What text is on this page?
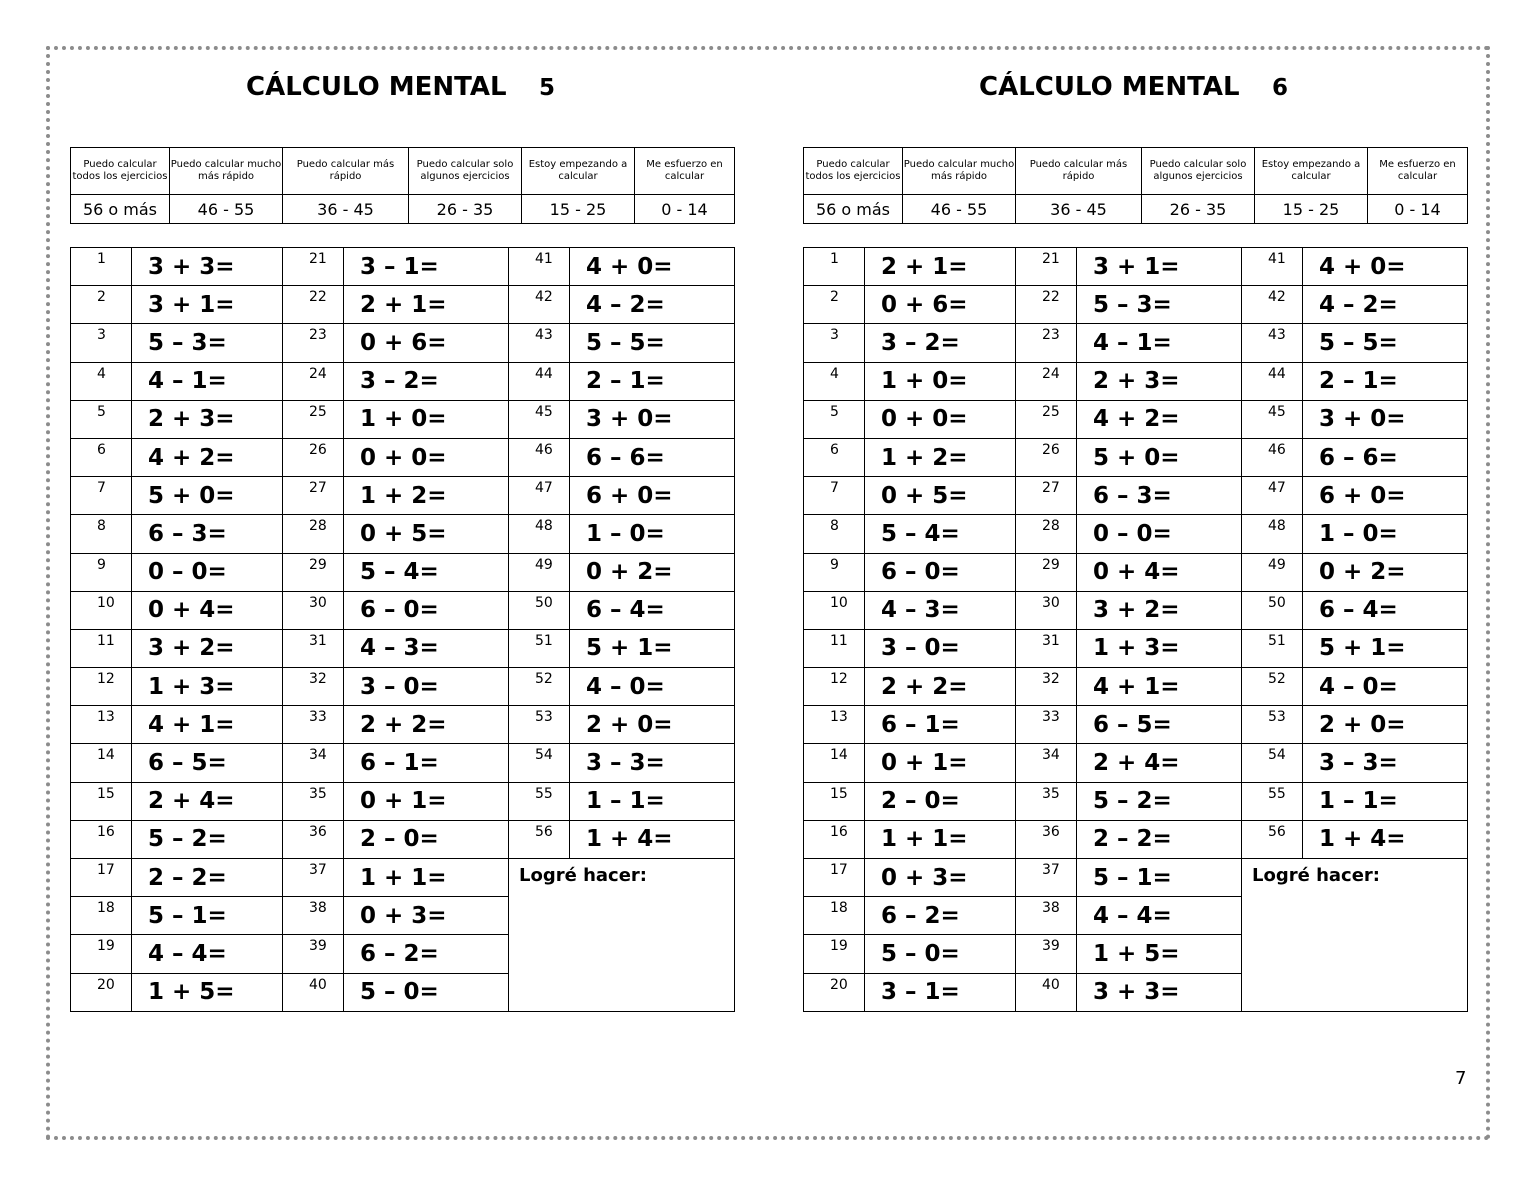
CÁLCULO MENTAL 5
Puedo calcular todos los ejercicios	Puedo calcular mucho más rápido	Puedo calcular más rápido	Puedo calcular solo algunos ejercicios	Estoy empezando a calcular	Me esfuerzo en calcular
56 o más	46 - 55	36 - 45	26 - 35	15 - 25	0 - 14
1	3 + 3=	21	3 – 1=	41	4 + 0=
2	3 + 1=	22	2 + 1=	42	4 – 2=
3	5 – 3=	23	0 + 6=	43	5 – 5=
4	4 – 1=	24	3 – 2=	44	2 – 1=
5	2 + 3=	25	1 + 0=	45	3 + 0=
6	4 + 2=	26	0 + 0=	46	6 – 6=
7	5 + 0=	27	1 + 2=	47	6 + 0=
8	6 – 3=	28	0 + 5=	48	1 – 0=
9	0 – 0=	29	5 – 4=	49	0 + 2=
10	0 + 4=	30	6 – 0=	50	6 – 4=
11	3 + 2=	31	4 – 3=	51	5 + 1=
12	1 + 3=	32	3 – 0=	52	4 – 0=
13	4 + 1=	33	2 + 2=	53	2 + 0=
14	6 – 5=	34	6 – 1=	54	3 – 3=
15	2 + 4=	35	0 + 1=	55	1 – 1=
16	5 – 2=	36	2 – 0=	56	1 + 4=
17	2 – 2=	37	1 + 1=	Logré hacer:	
18	5 – 1=	38	0 + 3=		
19	4 – 4=	39	6 – 2=		
20	1 + 5=	40	5 – 0=		
CÁLCULO MENTAL 6
Puedo calcular todos los ejercicios	Puedo calcular mucho más rápido	Puedo calcular más rápido	Puedo calcular solo algunos ejercicios	Estoy empezando a calcular	Me esfuerzo en calcular
56 o más	46 - 55	36 - 45	26 - 35	15 - 25	0 - 14
1	2 + 1=	21	3 + 1=	41	4 + 0=
2	0 + 6=	22	5 – 3=	42	4 – 2=
3	3 – 2=	23	4 – 1=	43	5 – 5=
4	1 + 0=	24	2 + 3=	44	2 – 1=
5	0 + 0=	25	4 + 2=	45	3 + 0=
6	1 + 2=	26	5 + 0=	46	6 – 6=
7	0 + 5=	27	6 – 3=	47	6 + 0=
8	5 – 4=	28	0 – 0=	48	1 – 0=
9	6 – 0=	29	0 + 4=	49	0 + 2=
10	4 – 3=	30	3 + 2=	50	6 – 4=
11	3 – 0=	31	1 + 3=	51	5 + 1=
12	2 + 2=	32	4 + 1=	52	4 – 0=
13	6 – 1=	33	6 – 5=	53	2 + 0=
14	0 + 1=	34	2 + 4=	54	3 – 3=
15	2 – 0=	35	5 – 2=	55	1 – 1=
16	1 + 1=	36	2 – 2=	56	1 + 4=
17	0 + 3=	37	5 – 1=	Logré hacer:	
18	6 – 2=	38	4 – 4=		
19	5 – 0=	39	1 + 5=		
20	3 – 1=	40	3 + 3=		
7
